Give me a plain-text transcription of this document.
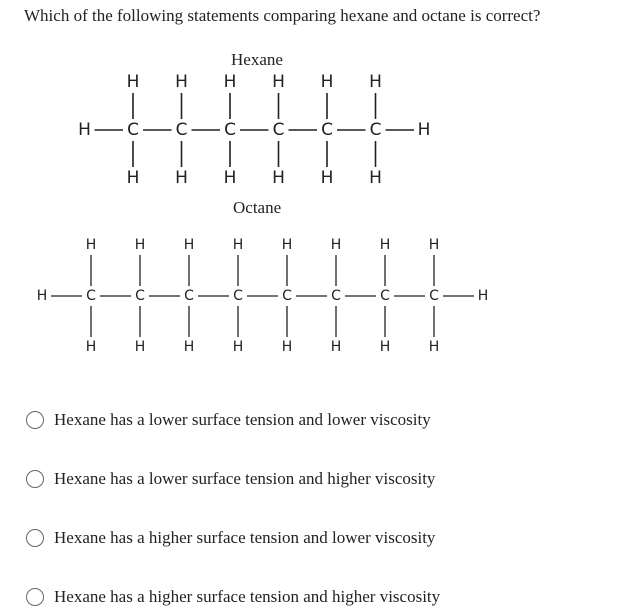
Which of the following statements comparing hexane and octane is correct?
Hexane
H
C
H
H
C
H
H
C
H
H
C
H
H
C
H
H
C
H
H	H
Octane
H
C
H
H
C
H
H
C
H
H
C
H
H
C
H
H
C
H
H
C
H
H
C
H
H	H
Hexane has a lower surface tension and lower viscosity
Hexane has a lower surface tension and higher viscosity
Hexane has a higher surface tension and lower viscosity
Hexane has a higher surface tension and higher viscosity
